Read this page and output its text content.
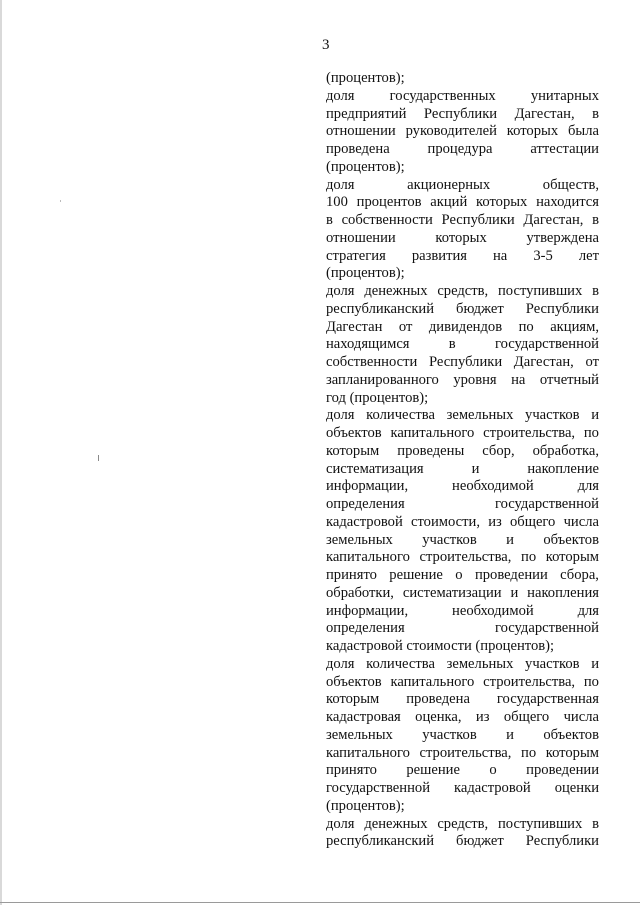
3
(процентов);
доля государственных унитарных
предприятий Республики Дагестан, в
отношении руководителей которых была
проведена	процедура	аттестации
(процентов);
доля	акционерных	обществ,
100 процентов акций которых находится
в собственности Республики Дагестан, в
отношении	которых	утверждена
стратегия развития на 3-5 лет
(процентов);
доля денежных средств, поступивших в
республиканский бюджет Республики
Дагестан от дивидендов по акциям,
находящимся	в	государственной
собственности Республики Дагестан, от
запланированного уровня на отчетный
год (процентов);
доля количества земельных участков и
объектов капитального строительства, по
которым проведены сбор, обработка,
систематизация	и	накопление
информации,	необходимой	для
определения	государственной
кадастровой стоимости, из общего числа
земельных участков и объектов
капитального строительства, по которым
принято решение о проведении сбора,
обработки, систематизации и накопления
информации,	необходимой	для
определения	государственной
кадастровой стоимости (процентов);
доля количества земельных участков и
объектов капитального строительства, по
которым проведена государственная
кадастровая оценка, из общего числа
земельных участков и объектов
капитального строительства, по которым
принято решение о проведении
государственной кадастровой оценки
(процентов);
доля денежных средств, поступивших в
республиканский бюджет Республики
